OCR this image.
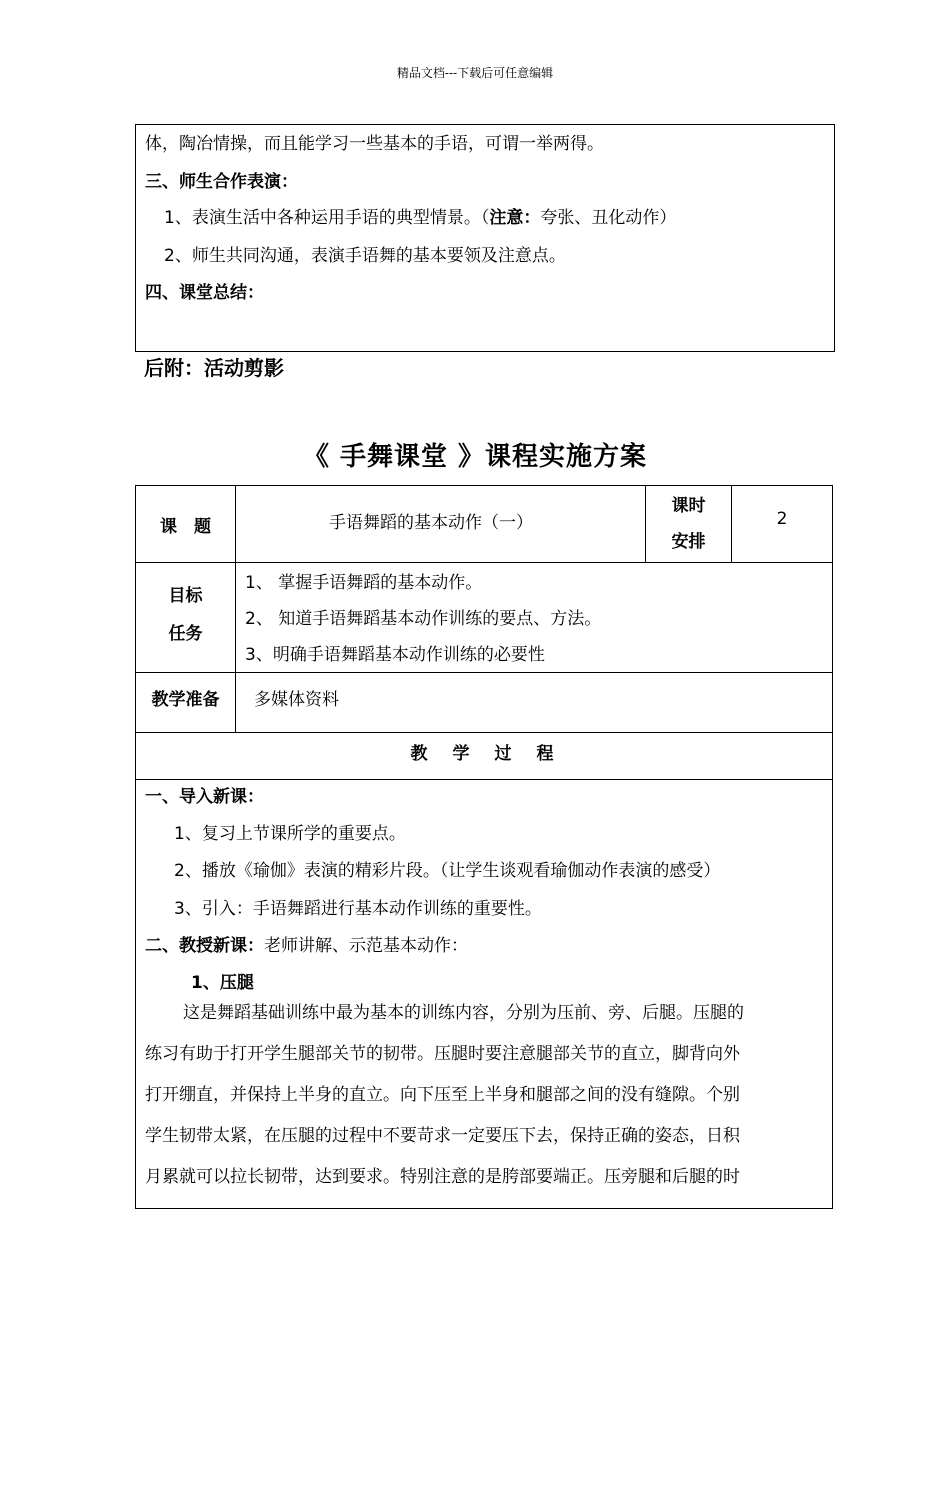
精品文档---下载后可任意编辑
体，陶冶情操，而且能学习一些基本的手语，可谓一举两得。
三、师生合作表演：
1、表演生活中各种运用手语的典型情景。（注意：夸张、丑化动作）
2、师生共同沟通，表演手语舞的基本要领及注意点。
四、课堂总结：
后附：活动剪影
《 手舞课堂 》课程实施方案
课　题	手语舞蹈的基本动作（一）
课时
安排
2
目标
任务
1、 掌握手语舞蹈的基本动作。
2、 知道手语舞蹈基本动作训练的要点、方法。
3、明确手语舞蹈基本动作训练的必要性
教学准备	多媒体资料
教　学　过　程
一、导入新课：
1、复习上节课所学的重要点。
2、播放《瑜伽》表演的精彩片段。（让学生谈观看瑜伽动作表演的感受）
3、引入：手语舞蹈进行基本动作训练的重要性。
二、教授新课：老师讲解、示范基本动作：
1、压腿
这是舞蹈基础训练中最为基本的训练内容，分别为压前、旁、后腿。压腿的
练习有助于打开学生腿部关节的韧带。压腿时要注意腿部关节的直立，脚背向外
打开绷直，并保持上半身的直立。向下压至上半身和腿部之间的没有缝隙。个别
学生韧带太紧，在压腿的过程中不要苛求一定要压下去，保持正确的姿态，日积
月累就可以拉长韧带，达到要求。特别注意的是胯部要端正。压旁腿和后腿的时
